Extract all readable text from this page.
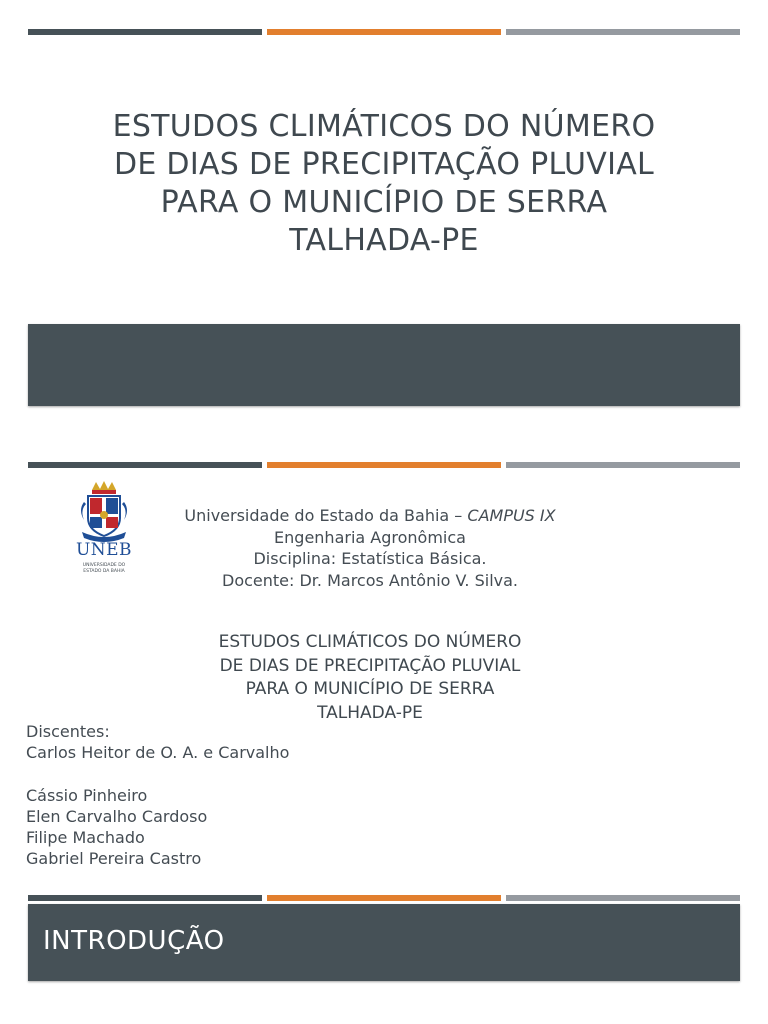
ESTUDOS CLIMÁTICOS DO NÚMERO
DE DIAS DE PRECIPITAÇÃO PLUVIAL
PARA O MUNICÍPIO DE SERRA
TALHADA-PE
UNEB
UNIVERSIDADE DO
ESTADO DA BAHIA
Universidade do Estado da Bahia – CAMPUS IX
Engenharia Agronômica
Disciplina: Estatística Básica.
Docente: Dr. Marcos Antônio V. Silva.
ESTUDOS CLIMÁTICOS DO NÚMERO
DE DIAS DE PRECIPITAÇÃO PLUVIAL
PARA O MUNICÍPIO DE SERRA
TALHADA-PE
Discentes:
Carlos Heitor de O. A. e Carvalho
Cássio Pinheiro
Elen Carvalho Cardoso
Filipe Machado
Gabriel Pereira Castro
INTRODUÇÃO
